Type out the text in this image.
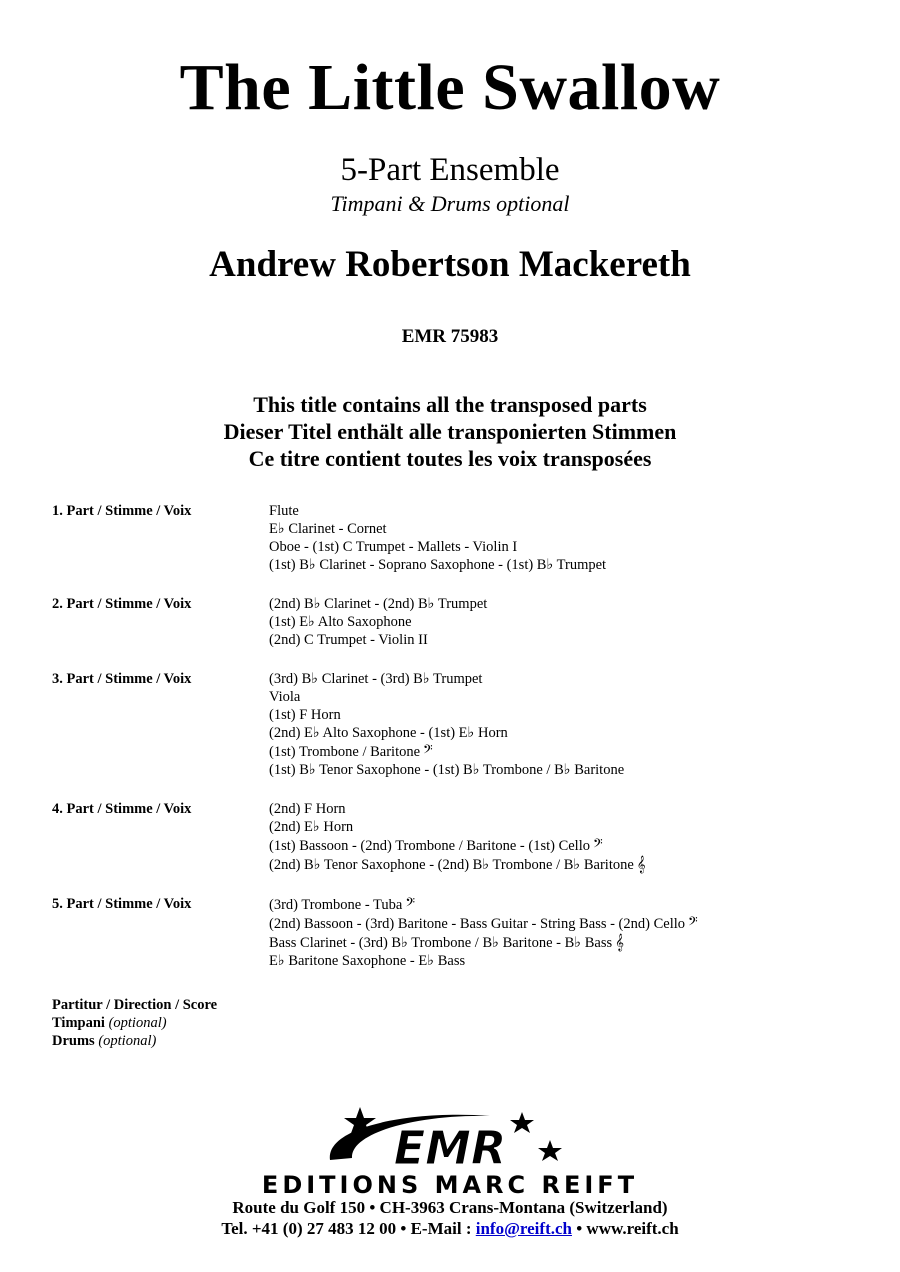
The Little Swallow
5-Part Ensemble
Timpani & Drums optional
Andrew Robertson Mackereth
EMR 75983
This title contains all the transposed parts
Dieser Titel enthält alle transponierten Stimmen
Ce titre contient toutes les voix transposées
1. Part / Stimme / Voix	Flute
E♭ Clarinet - Cornet
Oboe - (1st) C Trumpet - Mallets - Violin I
(1st) B♭ Clarinet - Soprano Saxophone - (1st) B♭ Trumpet
2. Part / Stimme / Voix	(2nd) B♭ Clarinet - (2nd) B♭ Trumpet
(1st) E♭ Alto Saxophone
(2nd) C Trumpet - Violin II
3. Part / Stimme / Voix	(3rd) B♭ Clarinet - (3rd) B♭ Trumpet
Viola
(1st) F Horn
(2nd) E♭ Alto Saxophone - (1st) E♭ Horn
(1st) Trombone / Baritone 𝄢
(1st) B♭ Tenor Saxophone - (1st) B♭ Trombone / B♭ Baritone
4. Part / Stimme / Voix	(2nd) F Horn
(2nd) E♭ Horn
(1st) Bassoon - (2nd) Trombone / Baritone - (1st) Cello 𝄢
(2nd) B♭ Tenor Saxophone - (2nd) B♭ Trombone / B♭ Baritone 𝄞
5. Part / Stimme / Voix	(3rd) Trombone - Tuba 𝄢
(2nd) Bassoon - (3rd) Baritone - Bass Guitar - String Bass - (2nd) Cello 𝄢
Bass Clarinet - (3rd) B♭ Trombone / B♭ Baritone - B♭ Bass 𝄞
E♭ Baritone Saxophone - E♭ Bass
Partitur / Direction / Score
Timpani (optional)
Drums (optional)
EMR
EDITIONS MARC REIFT
Route du Golf 150 • CH-3963 Crans-Montana (Switzerland)
Tel. +41 (0) 27 483 12 00 • E-Mail : info@reift.ch • www.reift.ch
